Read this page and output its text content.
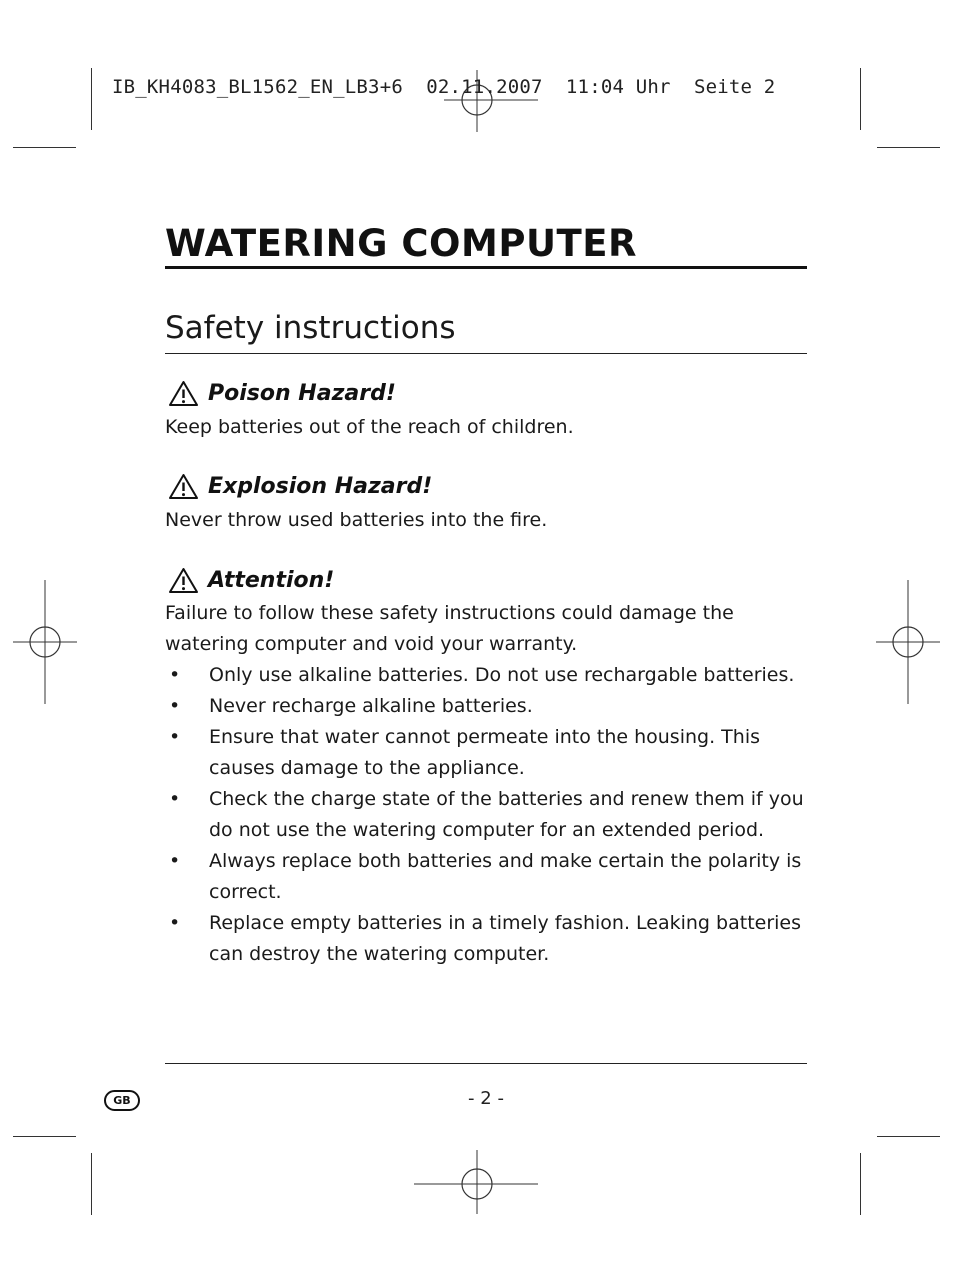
IB_KH4083_BL1562_EN_LB3+6  02.11.2007  11:04 Uhr  Seite 2
WATERING COMPUTER
Safety instructions
Poison Hazard!
Keep batteries out of the reach of children.
Explosion Hazard!
Never throw used batteries into the fire.
Attention!
Failure to follow these safety instructions could damage the watering computer and void your warranty.
• Only use alkaline batteries. Do not use rechargable batteries.
• Never recharge alkaline batteries.
• Ensure that water cannot permeate into the housing. This causes damage to the appliance.
• Check the charge state of the batteries and renew them if you do not use the watering computer for an extended period.
• Always replace both batteries and make certain the polarity is correct.
• Replace empty batteries in a timely fashion. Leaking batteries can destroy the watering computer.
GB	- 2 -
